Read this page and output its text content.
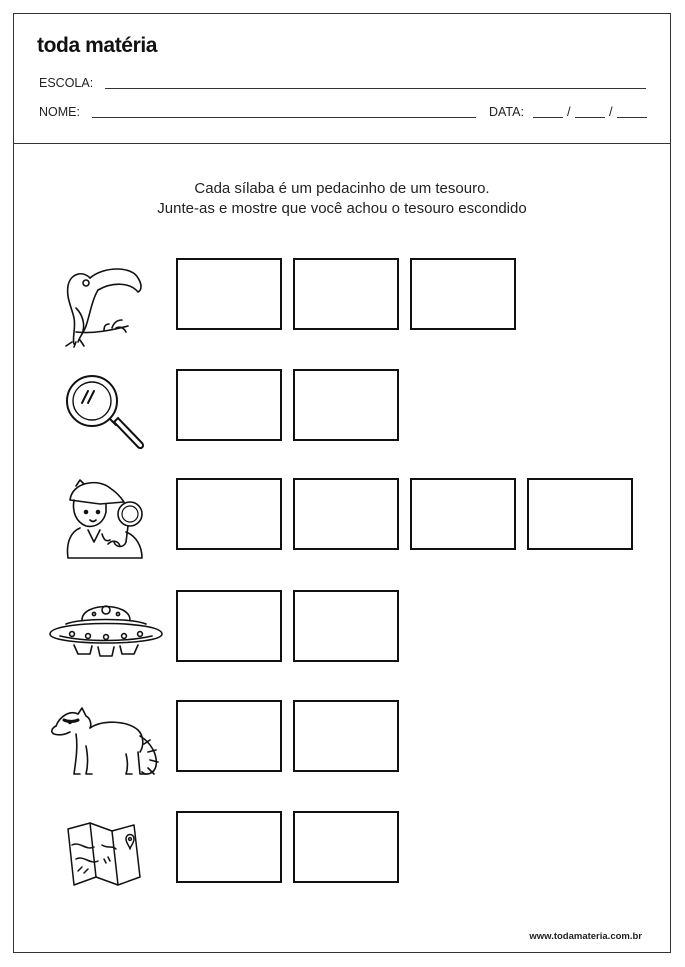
toda matéria
ESCOLA:
NOME:	DATA:	/	/
Cada sílaba é um pedacinho de um tesouro.
Junte-as e mostre que você achou o tesouro escondido
www.todamateria.com.br
